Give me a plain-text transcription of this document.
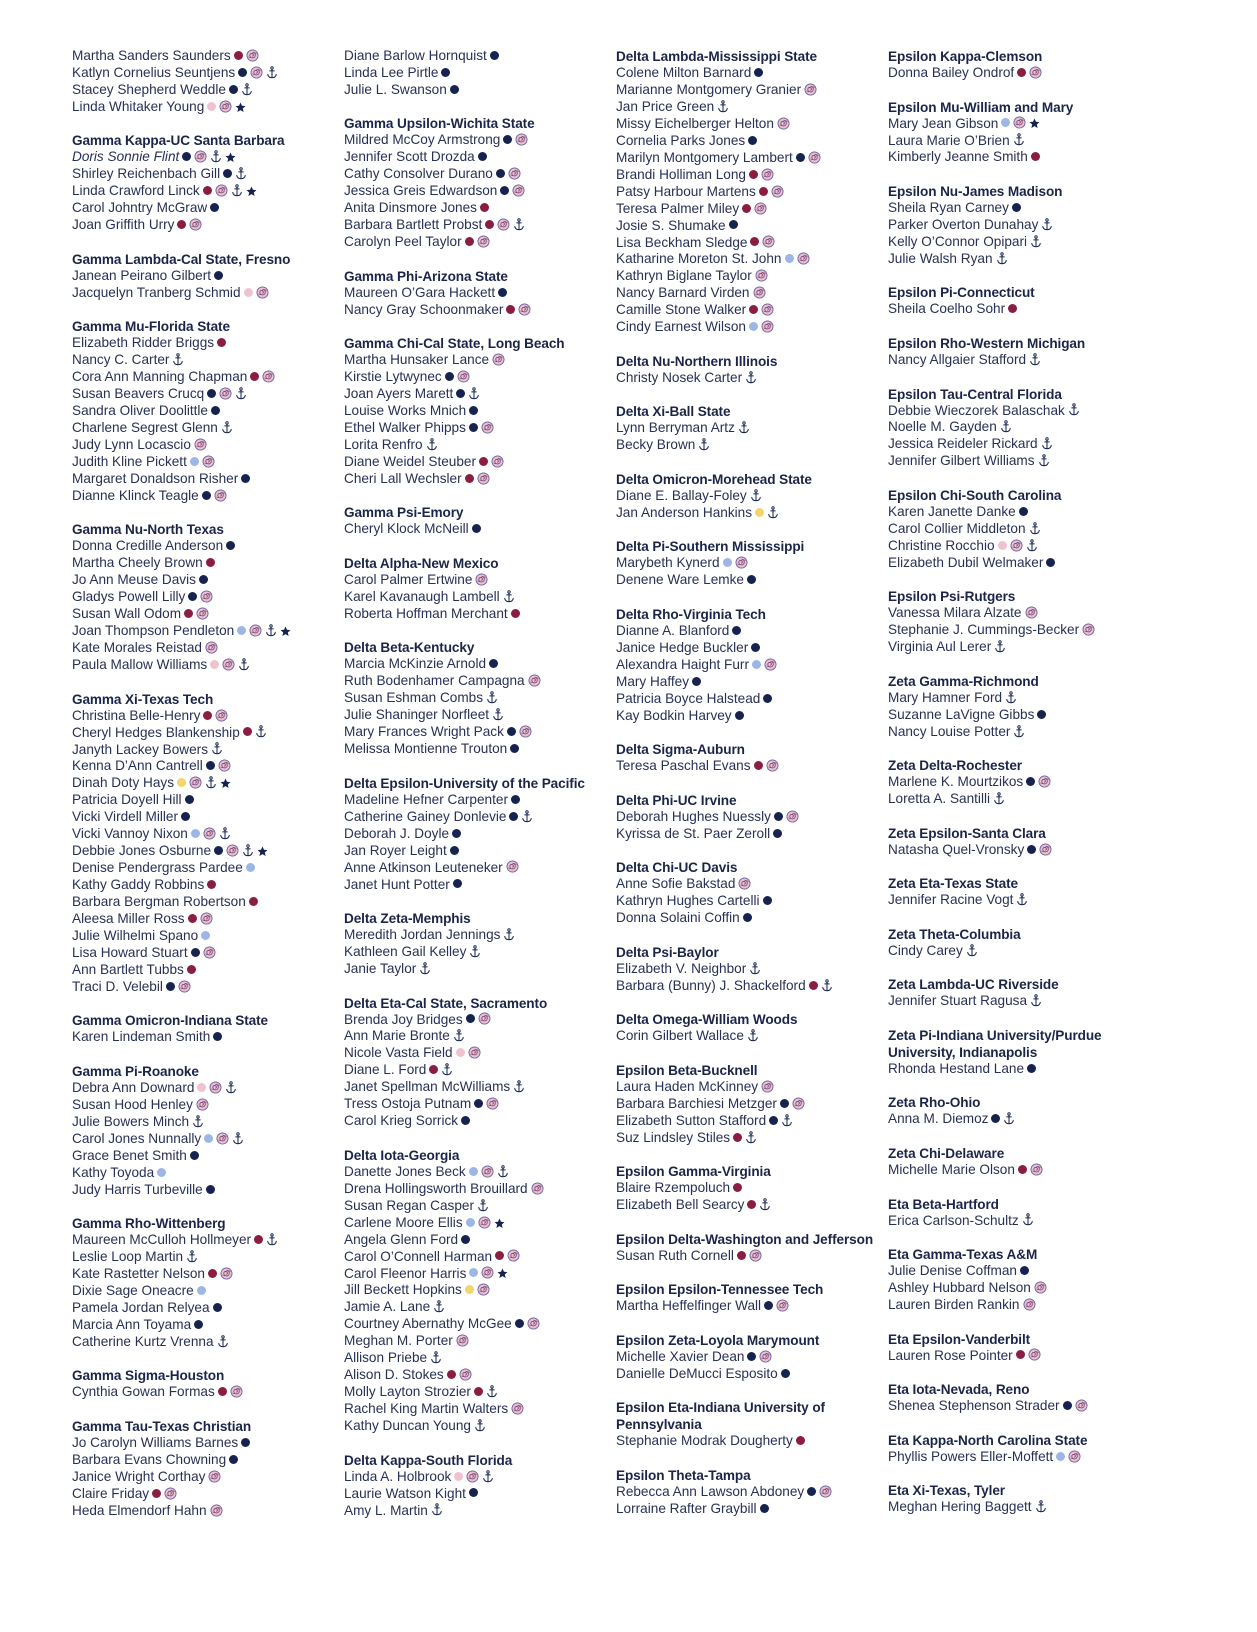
Martha Sanders Saunders
Katlyn Cornelius Seuntjens
Stacey Shepherd Weddle
Linda Whitaker Young
Gamma Kappa-UC Santa Barbara
Doris Sonnie Flint
Shirley Reichenbach Gill
Linda Crawford Linck
Carol Johntry McGraw
Joan Griffith Urry
Gamma Lambda-Cal State, Fresno
Janean Peirano Gilbert
Jacquelyn Tranberg Schmid
Gamma Mu-Florida State
Elizabeth Ridder Briggs
Nancy C. Carter
Cora Ann Manning Chapman
Susan Beavers Crucq
Sandra Oliver Doolittle
Charlene Segrest Glenn
Judy Lynn Locascio
Judith Kline Pickett
Margaret Donaldson Risher
Dianne Klinck Teagle
Gamma Nu-North Texas
Donna Credille Anderson
Martha Cheely Brown
Jo Ann Meuse Davis
Gladys Powell Lilly
Susan Wall Odom
Joan Thompson Pendleton
Kate Morales Reistad
Paula Mallow Williams
Gamma Xi-Texas Tech
Christina Belle-Henry
Cheryl Hedges Blankenship
Janyth Lackey Bowers
Kenna D’Ann Cantrell
Dinah Doty Hays
Patricia Doyell Hill
Vicki Virdell Miller
Vicki Vannoy Nixon
Debbie Jones Osburne
Denise Pendergrass Pardee
Kathy Gaddy Robbins
Barbara Bergman Robertson
Aleesa Miller Ross
Julie Wilhelmi Spano
Lisa Howard Stuart
Ann Bartlett Tubbs
Traci D. Velebil
Gamma Omicron-Indiana State
Karen Lindeman Smith
Gamma Pi-Roanoke
Debra Ann Downard
Susan Hood Henley
Julie Bowers Minch
Carol Jones Nunnally
Grace Benet Smith
Kathy Toyoda
Judy Harris Turbeville
Gamma Rho-Wittenberg
Maureen McCulloh Hollmeyer
Leslie Loop Martin
Kate Rastetter Nelson
Dixie Sage Oneacre
Pamela Jordan Relyea
Marcia Ann Toyama
Catherine Kurtz Vrenna
Gamma Sigma-Houston
Cynthia Gowan Formas
Gamma Tau-Texas Christian
Jo Carolyn Williams Barnes
Barbara Evans Chowning
Janice Wright Corthay
Claire Friday
Heda Elmendorf Hahn
Diane Barlow Hornquist
Linda Lee Pirtle
Julie L. Swanson
Gamma Upsilon-Wichita State
Mildred McCoy Armstrong
Jennifer Scott Drozda
Cathy Consolver Durano
Jessica Greis Edwardson
Anita Dinsmore Jones
Barbara Bartlett Probst
Carolyn Peel Taylor
Gamma Phi-Arizona State
Maureen O’Gara Hackett
Nancy Gray Schoonmaker
Gamma Chi-Cal State, Long Beach
Martha Hunsaker Lance
Kirstie Lytwynec
Joan Ayers Marett
Louise Works Mnich
Ethel Walker Phipps
Lorita Renfro
Diane Weidel Steuber
Cheri Lall Wechsler
Gamma Psi-Emory
Cheryl Klock McNeill
Delta Alpha-New Mexico
Carol Palmer Ertwine
Karel Kavanaugh Lambell
Roberta Hoffman Merchant
Delta Beta-Kentucky
Marcia McKinzie Arnold
Ruth Bodenhamer Campagna
Susan Eshman Combs
Julie Shaninger Norfleet
Mary Frances Wright Pack
Melissa Montienne Trouton
Delta Epsilon-University of the Pacific
Madeline Hefner Carpenter
Catherine Gainey Donlevie
Deborah J. Doyle
Jan Royer Leight
Anne Atkinson Leuteneker
Janet Hunt Potter
Delta Zeta-Memphis
Meredith Jordan Jennings
Kathleen Gail Kelley
Janie Taylor
Delta Eta-Cal State, Sacramento
Brenda Joy Bridges
Ann Marie Bronte
Nicole Vasta Field
Diane L. Ford
Janet Spellman McWilliams
Tress Ostoja Putnam
Carol Krieg Sorrick
Delta Iota-Georgia
Danette Jones Beck
Drena Hollingsworth Brouillard
Susan Regan Casper
Carlene Moore Ellis
Angela Glenn Ford
Carol O’Connell Harman
Carol Fleenor Harris
Jill Beckett Hopkins
Jamie A. Lane
Courtney Abernathy McGee
Meghan M. Porter
Allison Priebe
Alison D. Stokes
Molly Layton Strozier
Rachel King Martin Walters
Kathy Duncan Young
Delta Kappa-South Florida
Linda A. Holbrook
Laurie Watson Kight
Amy L. Martin
Delta Lambda-Mississippi State
Colene Milton Barnard
Marianne Montgomery Granier
Jan Price Green
Missy Eichelberger Helton
Cornelia Parks Jones
Marilyn Montgomery Lambert
Brandi Holliman Long
Patsy Harbour Martens
Teresa Palmer Miley
Josie S. Shumake
Lisa Beckham Sledge
Katharine Moreton St. John
Kathryn Biglane Taylor
Nancy Barnard Virden
Camille Stone Walker
Cindy Earnest Wilson
Delta Nu-Northern Illinois
Christy Nosek Carter
Delta Xi-Ball State
Lynn Berryman Artz
Becky Brown
Delta Omicron-Morehead State
Diane E. Ballay-Foley
Jan Anderson Hankins
Delta Pi-Southern Mississippi
Marybeth Kynerd
Denene Ware Lemke
Delta Rho-Virginia Tech
Dianne A. Blanford
Janice Hedge Buckler
Alexandra Haight Furr
Mary Haffey
Patricia Boyce Halstead
Kay Bodkin Harvey
Delta Sigma-Auburn
Teresa Paschal Evans
Delta Phi-UC Irvine
Deborah Hughes Nuessly
Kyrissa de St. Paer Zeroll
Delta Chi-UC Davis
Anne Sofie Bakstad
Kathryn Hughes Cartelli
Donna Solaini Coffin
Delta Psi-Baylor
Elizabeth V. Neighbor
Barbara (Bunny) J. Shackelford
Delta Omega-William Woods
Corin Gilbert Wallace
Epsilon Beta-Bucknell
Laura Haden McKinney
Barbara Barchiesi Metzger
Elizabeth Sutton Stafford
Suz Lindsley Stiles
Epsilon Gamma-Virginia
Blaire Rzempoluch
Elizabeth Bell Searcy
Epsilon Delta-Washington and Jefferson
Susan Ruth Cornell
Epsilon Epsilon-Tennessee Tech
Martha Heffelfinger Wall
Epsilon Zeta-Loyola Marymount
Michelle Xavier Dean
Danielle DeMucci Esposito
Epsilon Eta-Indiana University of Pennsylvania
Stephanie Modrak Dougherty
Epsilon Theta-Tampa
Rebecca Ann Lawson Abdoney
Lorraine Rafter Graybill
Epsilon Kappa-Clemson
Donna Bailey Ondrof
Epsilon Mu-William and Mary
Mary Jean Gibson
Laura Marie O’Brien
Kimberly Jeanne Smith
Epsilon Nu-James Madison
Sheila Ryan Carney
Parker Overton Dunahay
Kelly O’Connor Opipari
Julie Walsh Ryan
Epsilon Pi-Connecticut
Sheila Coelho Sohr
Epsilon Rho-Western Michigan
Nancy Allgaier Stafford
Epsilon Tau-Central Florida
Debbie Wieczorek Balaschak
Noelle M. Gayden
Jessica Reideler Rickard
Jennifer Gilbert Williams
Epsilon Chi-South Carolina
Karen Janette Danke
Carol Collier Middleton
Christine Rocchio
Elizabeth Dubil Welmaker
Epsilon Psi-Rutgers
Vanessa Milara Alzate
Stephanie J. Cummings-Becker
Virginia Aul Lerer
Zeta Gamma-Richmond
Mary Hamner Ford
Suzanne LaVigne Gibbs
Nancy Louise Potter
Zeta Delta-Rochester
Marlene K. Mourtzikos
Loretta A. Santilli
Zeta Epsilon-Santa Clara
Natasha Quel-Vronsky
Zeta Eta-Texas State
Jennifer Racine Vogt
Zeta Theta-Columbia
Cindy Carey
Zeta Lambda-UC Riverside
Jennifer Stuart Ragusa
Zeta Pi-Indiana University/Purdue University, Indianapolis
Rhonda Hestand Lane
Zeta Rho-Ohio
Anna M. Diemoz
Zeta Chi-Delaware
Michelle Marie Olson
Eta Beta-Hartford
Erica Carlson-Schultz
Eta Gamma-Texas A&M
Julie Denise Coffman
Ashley Hubbard Nelson
Lauren Birden Rankin
Eta Epsilon-Vanderbilt
Lauren Rose Pointer
Eta Iota-Nevada, Reno
Shenea Stephenson Strader
Eta Kappa-North Carolina State
Phyllis Powers Eller-Moffett
Eta Xi-Texas, Tyler
Meghan Hering Baggett
